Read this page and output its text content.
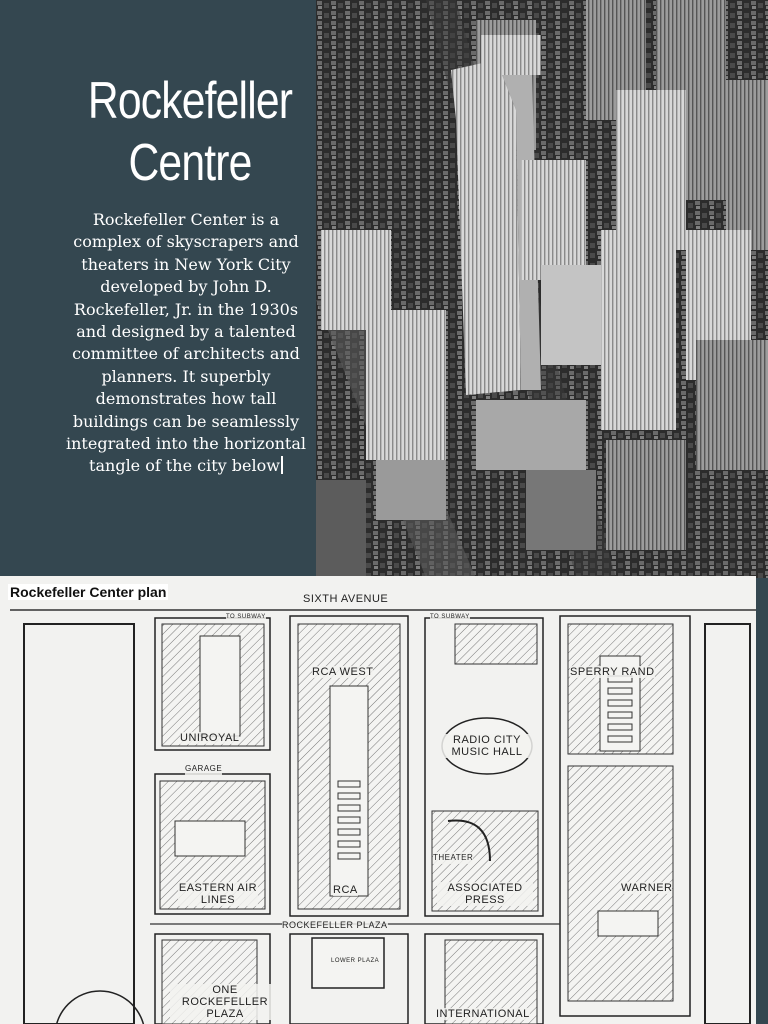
Rockefeller
Centre
Rockefeller Center is a complex of skyscrapers and theaters in New York City developed by John D. Rockefeller, Jr. in the 1930s and designed by a talented committee of architects and planners. It superbly demonstrates how tall buildings can be seamlessly integrated into the horizontal tangle of the city below
Rockefeller Center plan	SIXTH AVENUE
TO SUBWAY	TO SUBWAY
RCA WEST	SPERRY RAND
UNIROYAL	RADIO CITY MUSIC HALL
GARAGE
THEATER
EASTERN AIR LINES
RCA	ASSOCIATED PRESS
WARNER
ROCKEFELLER PLAZA
LOWER PLAZA
ONE ROCKEFELLER PLAZA	INTERNATIONAL
